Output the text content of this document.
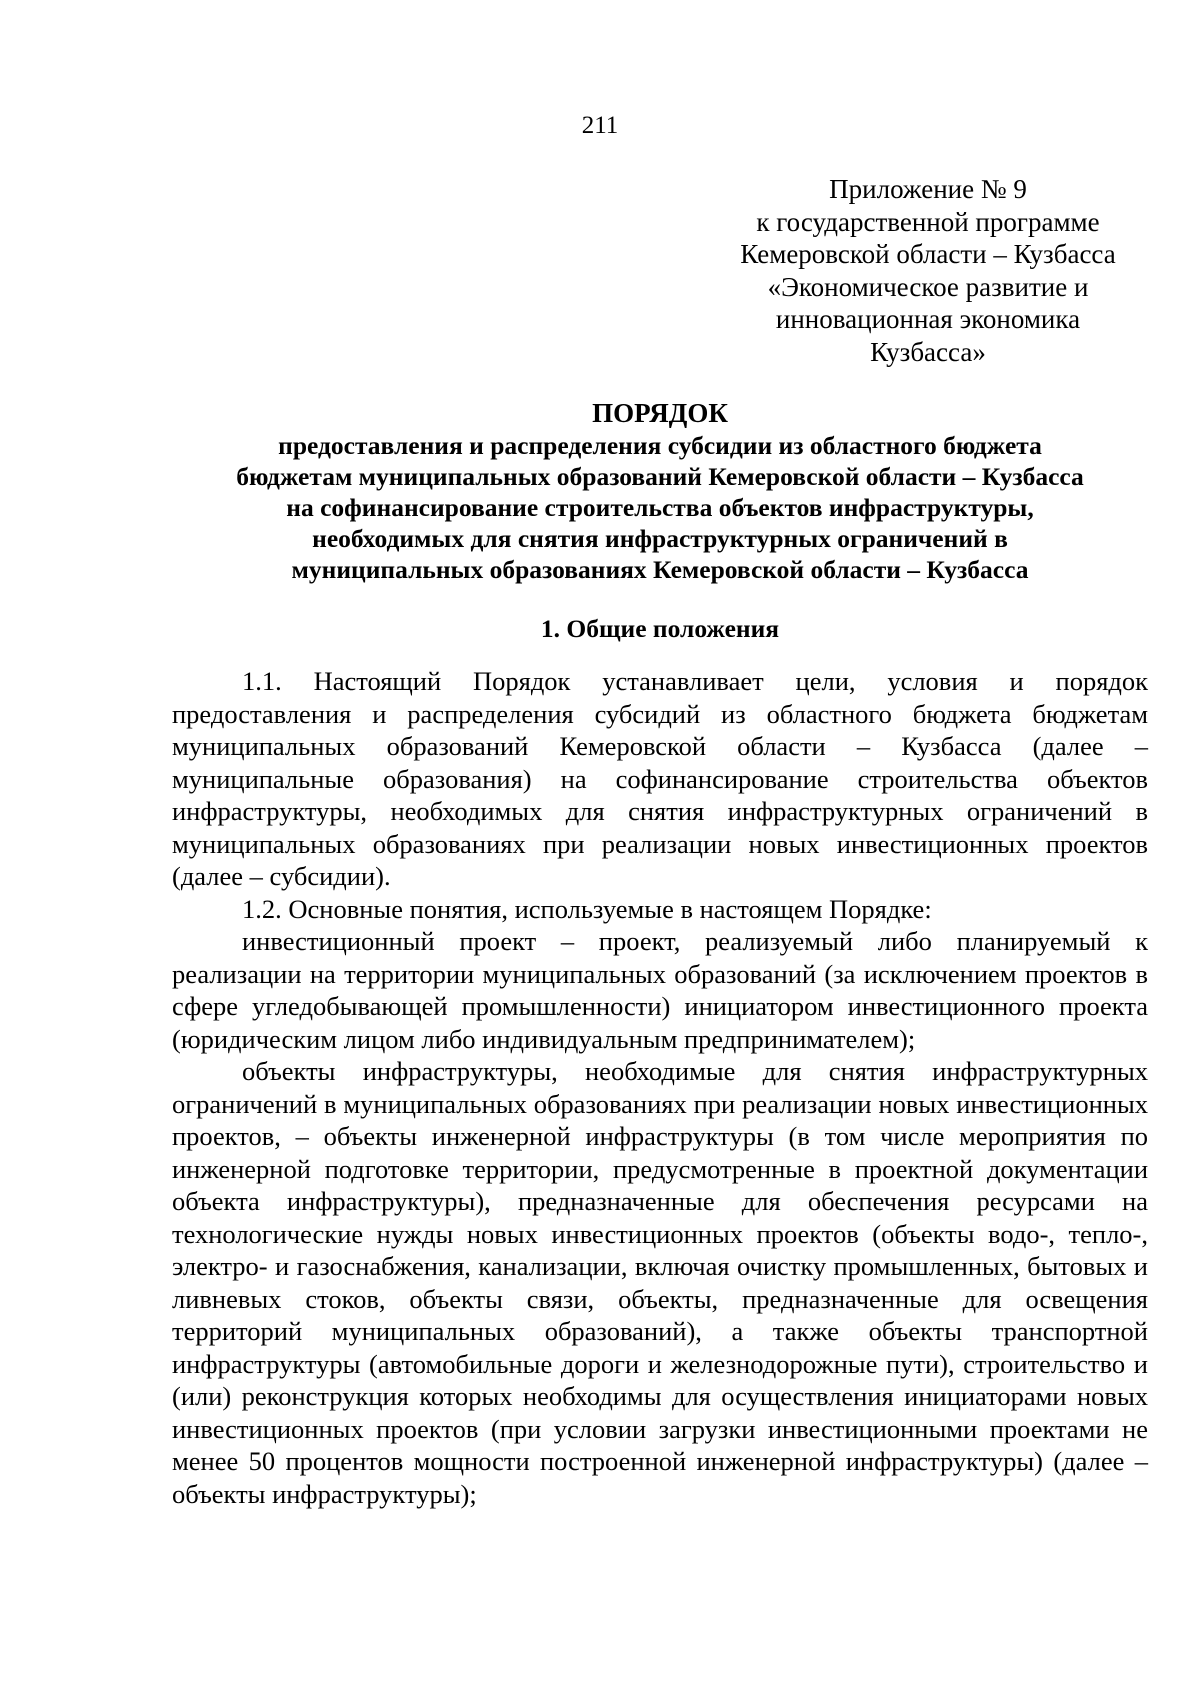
211
Приложение № 9
к государственной программе
Кемеровской области – Кузбасса
«Экономическое развитие и
инновационная экономика
Кузбасса»
ПОРЯДОК
предоставления и распределения субсидии из областного бюджета
бюджетам муниципальных образований Кемеровской области – Кузбасса
на софинансирование строительства объектов инфраструктуры,
необходимых для снятия инфраструктурных ограничений в
муниципальных образованиях Кемеровской области – Кузбасса
1. Общие положения

1.1. Настоящий Порядок устанавливает цели, условия и порядок предоставления и распределения субсидий из областного бюджета бюджетам муниципальных образований Кемеровской области – Кузбасса (далее – муниципальные образования) на софинансирование строительства объектов инфраструктуры, необходимых для снятия инфраструктурных ограничений в муниципальных образованиях при реализации новых инвестиционных проектов (далее – субсидии).

1.2. Основные понятия, используемые в настоящем Порядке:

инвестиционный проект – проект, реализуемый либо планируемый к реализации на территории муниципальных образований (за исключением проектов в сфере угледобывающей промышленности) инициатором инвестиционного проекта (юридическим лицом либо индивидуальным предпринимателем);

объекты инфраструктуры, необходимые для снятия инфраструктурных ограничений в муниципальных образованиях при реализации новых инвестиционных проектов, – объекты инженерной инфраструктуры (в том числе мероприятия по инженерной подготовке территории, предусмотренные в проектной документации объекта инфраструктуры), предназначенные для обеспечения ресурсами на технологические нужды новых инвестиционных проектов (объекты водо-, тепло-, электро- и газоснабжения, канализации, включая очистку промышленных, бытовых и ливневых стоков, объекты связи, объекты, предназначенные для освещения территорий муниципальных образований), а также объекты транспортной инфраструктуры (автомобильные дороги и железнодорожные пути), строительство и (или) реконструкция которых необходимы для осуществления инициаторами новых инвестиционных проектов (при условии загрузки инвестиционными проектами не менее 50 процентов мощности построенной инженерной инфраструктуры) (далее – объекты инфраструктуры);
